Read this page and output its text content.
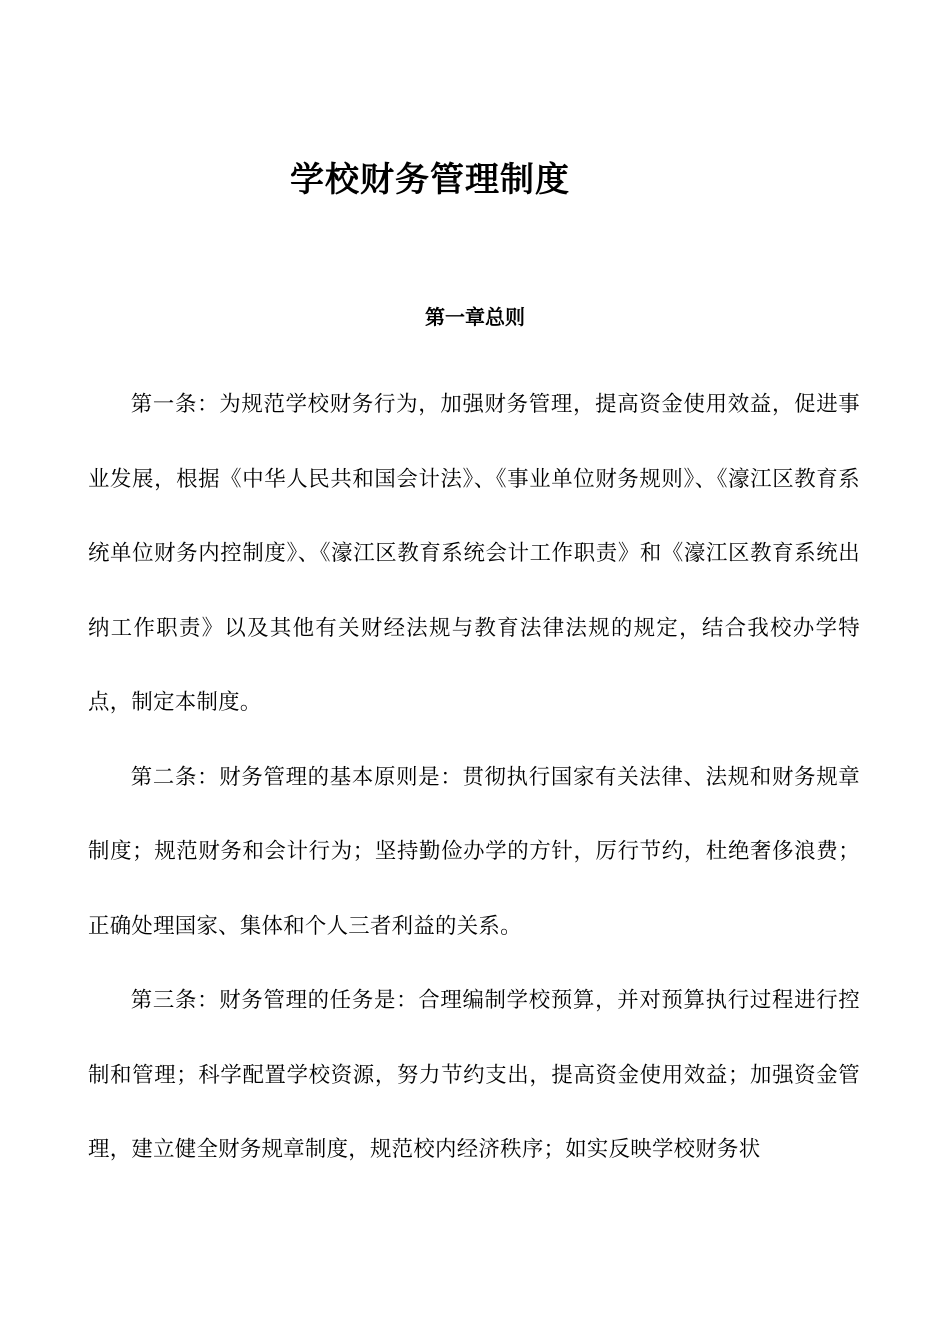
学校财务管理制度
第一章总则

第一条：为规范学校财务行为，加强财务管理，提高资金使用效益，促进事业发展，根据《中华人民共和国会计法》、《事业单位财务规则》、《濠江区教育系统单位财务内控制度》、《濠江区教育系统会计工作职责》和《濠江区教育系统出纳工作职责》以及其他有关财经法规与教育法律法规的规定，结合我校办学特点，制定本制度。

第二条：财务管理的基本原则是：贯彻执行国家有关法律、法规和财务规章制度；规范财务和会计行为；坚持勤俭办学的方针，厉行节约，杜绝奢侈浪费；正确处理国家、集体和个人三者利益的关系。

第三条：财务管理的任务是：合理编制学校预算，并对预算执行过程进行控制和管理；科学配置学校资源，努力节约支出，提高资金使用效益；加强资金管理，建立健全财务规章制度，规范校内经济秩序；如实反映学校财务状
